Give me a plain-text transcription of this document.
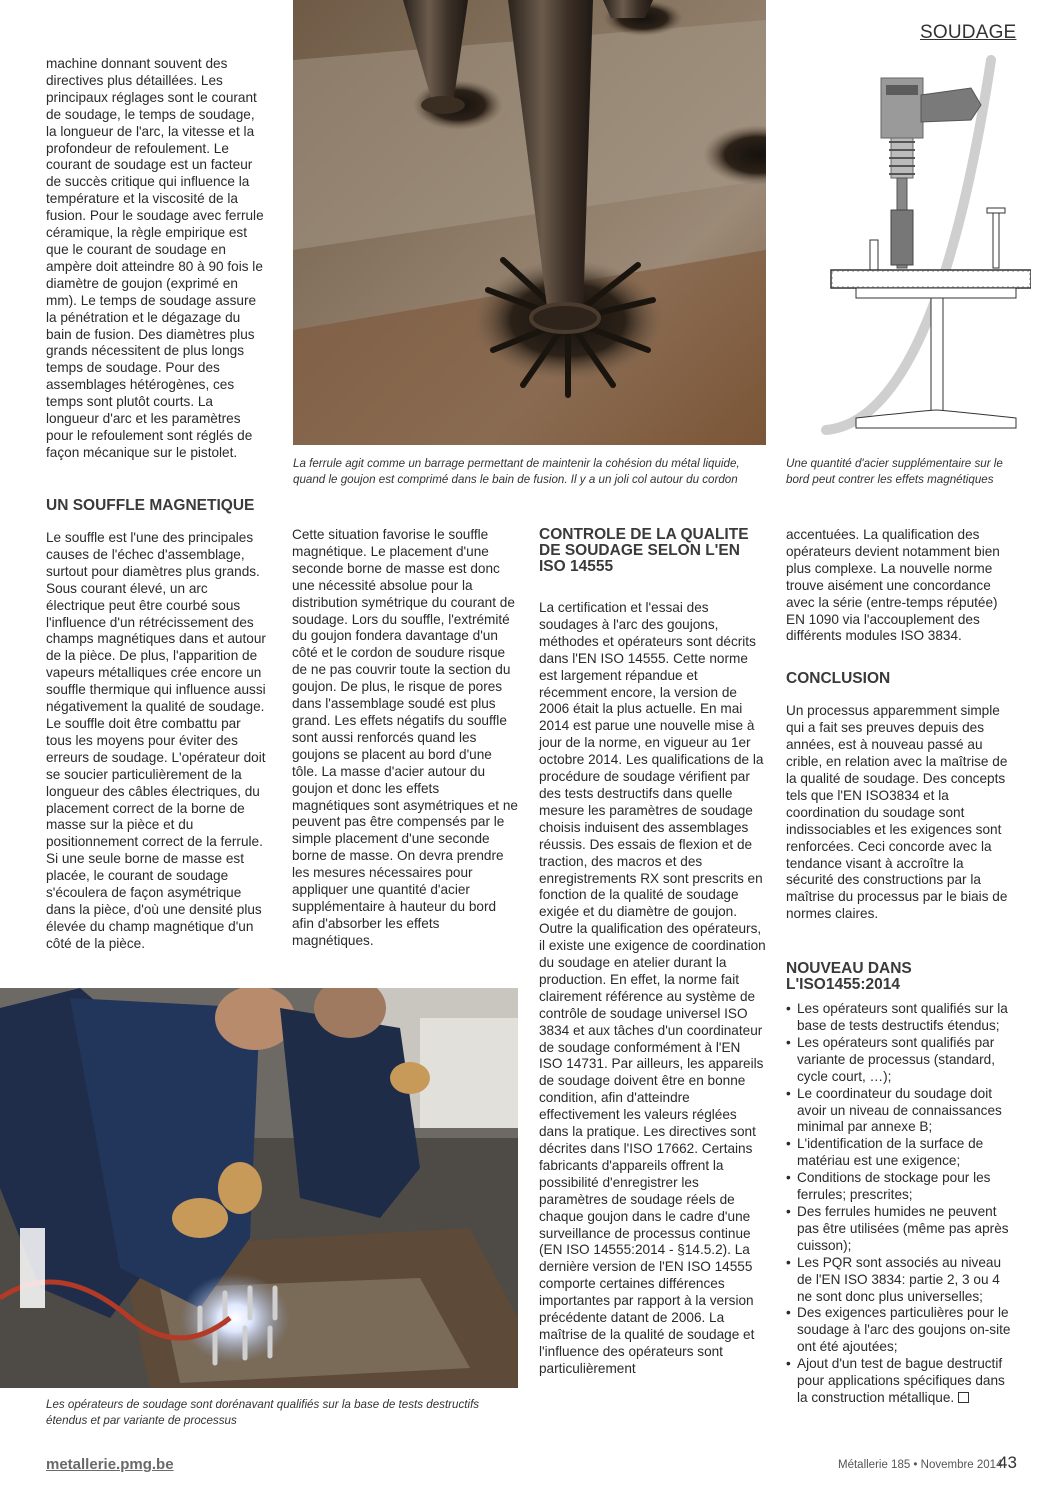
SOUDAGE

machine donnant souvent des directives plus détaillées. Les principaux réglages sont le courant de soudage, le temps de soudage, la longueur de l'arc, la vitesse et la profondeur de refoulement. Le courant de soudage est un facteur de succès critique qui influence la température et la viscosité de la fusion. Pour le soudage avec ferrule céramique, la règle empirique est que le courant de soudage en ampère doit atteindre 80 à 90 fois le diamètre de goujon (exprimé en mm). Le temps de soudage assure la pénétration et le dégazage du bain de fusion. Des diamètres plus grands nécessitent de plus longs temps de soudage. Pour des assemblages hétérogènes, ces temps sont plutôt courts. La longueur d'arc et les paramètres pour le refoulement sont réglés de façon mécanique sur le pistolet.

La ferrule agit comme un barrage permettant de maintenir la cohésion du métal liquide, quand le goujon est comprimé dans le bain de fusion. Il y a un joli col autour du cordon
Une quantité d'acier supplémentaire sur le bord peut contrer les effets magnétiques
UN SOUFFLE MAGNETIQUE

Le souffle est l'une des principales causes de l'échec d'assemblage, surtout pour diamètres plus grands. Sous courant élevé, un arc électrique peut être courbé sous l'influence d'un rétrécissement des champs magnétiques dans et autour de la pièce. De plus, l'apparition de vapeurs métalliques crée encore un souffle thermique qui influence aussi négativement la qualité de soudage. Le souffle doit être combattu par tous les moyens pour éviter des erreurs de soudage. L'opérateur doit se soucier particulièrement de la longueur des câbles électriques, du placement correct de la borne de masse sur la pièce et du positionnement correct de la ferrule. Si une seule borne de masse est placée, le courant de soudage s'écoulera de façon asymétrique dans la pièce, d'où une densité plus élevée du champ magnétique d'un côté de la pièce.

Cette situation favorise le souffle magnétique. Le placement d'une seconde borne de masse est donc une nécessité absolue pour la distribution symétrique du courant de soudage. Lors du souffle, l'extrémité du goujon fondera davantage d'un côté et le cordon de soudure risque de ne pas couvrir toute la section du goujon. De plus, le risque de pores dans l'assemblage soudé est plus grand. Les effets négatifs du souffle sont aussi renforcés quand les goujons se placent au bord d'une tôle. La masse d'acier autour du goujon et donc les effets magnétiques sont asymétriques et ne peuvent pas être compensés par le simple placement d'une seconde borne de masse. On devra prendre les mesures nécessaires pour appliquer une quantité d'acier supplémentaire à hauteur du bord afin d'absorber les effets magnétiques.

CONTROLE DE LA QUALITE DE SOUDAGE SELON L'EN ISO 14555

La certification et l'essai des soudages à l'arc des goujons, méthodes et opérateurs sont décrits dans l'EN ISO 14555. Cette norme est largement répandue et récemment encore, la version de 2006 était la plus actuelle. En mai 2014 est parue une nouvelle mise à jour de la norme, en vigueur au 1er octobre 2014. Les qualifications de la procédure de soudage vérifient par des tests destructifs dans quelle mesure les paramètres de soudage choisis induisent des assemblages réussis. Des essais de flexion et de traction, des macros et des enregistrements RX sont prescrits en fonction de la qualité de soudage exigée et du diamètre de goujon. Outre la qualification des opérateurs, il existe une exigence de coordination du soudage en atelier durant la production. En effet, la norme fait clairement référence au système de contrôle de soudage universel ISO 3834 et aux tâches d'un coordinateur de soudage conformément à l'EN ISO 14731. Par ailleurs, les appareils de soudage doivent être en bonne condition, afin d'atteindre effectivement les valeurs réglées dans la pratique. Les directives sont décrites dans l'ISO 17662. Certains fabricants d'appareils offrent la possibilité d'enregistrer les paramètres de soudage réels de chaque goujon dans le cadre d'une surveillance de processus continue (EN ISO 14555:2014 - §14.5.2). La dernière version de l'EN ISO 14555 comporte certaines différences importantes par rapport à la version précédente datant de 2006. La maîtrise de la qualité de soudage et l'influence des opérateurs sont particulièrement

accentuées. La qualification des opérateurs devient notamment bien plus complexe. La nouvelle norme trouve aisément une concordance avec la série (entre-temps réputée) EN 1090 via l'accouplement des différents modules ISO 3834.

CONCLUSION

Un processus apparemment simple qui a fait ses preuves depuis des années, est à nouveau passé au crible, en relation avec la maîtrise de la qualité de soudage. Des concepts tels que l'EN ISO3834 et la coordination du soudage sont indissociables et les exigences sont renforcées. Ceci concorde avec la tendance visant à accroître la sécurité des constructions par la maîtrise du processus par le biais de normes claires.

NOUVEAU DANS L'ISO1455:2014
• Les opérateurs sont qualifiés sur la base de tests destructifs étendus;
• Les opérateurs sont qualifiés par variante de processus (standard, cycle court, …);
• Le coordinateur du soudage doit avoir un niveau de connaissances minimal par annexe B;
• L'identification de la surface de matériau est une exigence;
• Conditions de stockage pour les ferrules; prescrites;
• Des ferrules humides ne peuvent pas être utilisées (même pas après cuisson);
• Les PQR sont associés au niveau de l'EN ISO 3834: partie 2, 3 ou 4 ne sont donc plus universelles;
• Des exigences particulières pour le soudage à l'arc des goujons on-site ont été ajoutées;
• Ajout d'un test de bague destructif pour applications spécifiques dans la construction métallique.
Les opérateurs de soudage sont dorénavant qualifiés sur la base de tests destructifs étendus et par variante de processus
metallerie.pmg.be	Métallerie 185 • Novembre 2014
43
